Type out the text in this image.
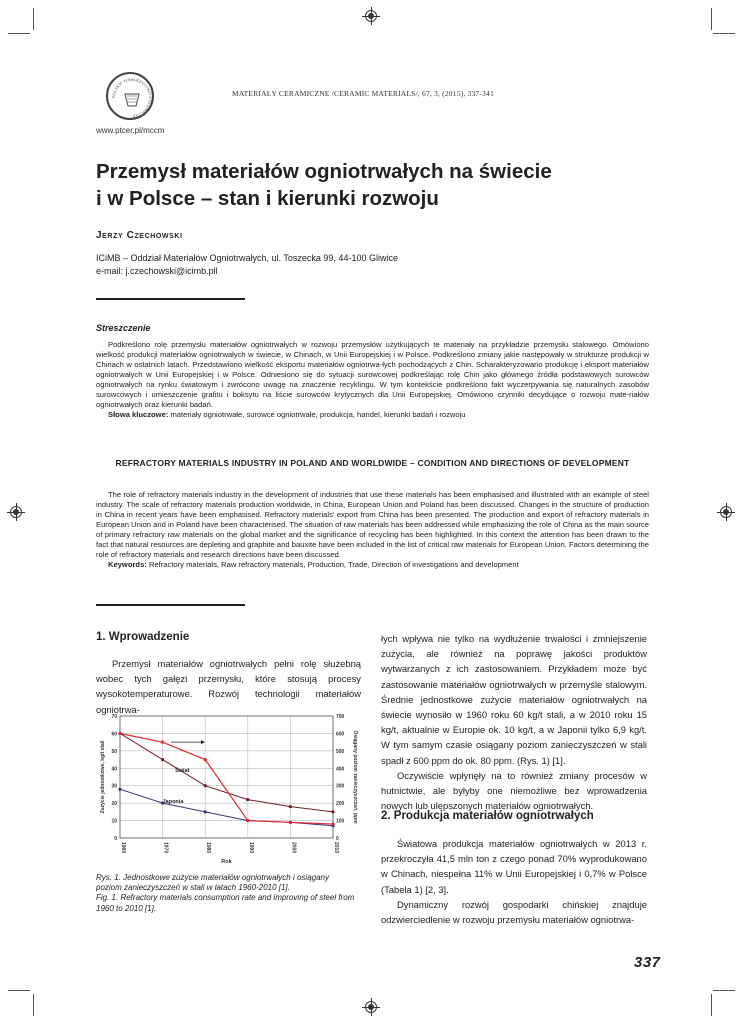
POLSKIE TOWARZYSTWO CERAMICZNE
www.ptcer.pl/mccm
MATERIAŁY CERAMICZNE /CERAMIC MATERIALS/, 67, 3, (2015), 337-341
Przemysł materiałów ogniotrwałych na świecie
i w Polsce – stan i kierunki rozwoju
Jerzy Czechowski
ICiMB – Oddział Materiałów Ogniotrwałych, ul. Toszecka 99, 44-100 Gliwice
e-mail: j.czechowski@icimb.pll
Streszczenie

Podkreślono rolę przemysłu materiałów ogniotrwałych w rozwoju przemysłów użytkujących te materiały na przykładzie przemysłu stalowego. Omówiono wielkość produkcji materiałów ogniotrwałych w świecie, w Chinach, w Unii Europejskiej i w Polsce. Podkreślono zmiany jakie następowały w strukturze produkcji w Chinach w ostatnich latach. Przedstawiono wielkość eksportu materiałów ogniotrwa-łych pochodzących z Chin. Scharakteryzowano produkcję i eksport materiałów ogniotrwałych w Unii Europejskiej i w Polsce. Odniesiono się do sytuacji surowcowej podkreślając rolę Chin jako głównego źródła podstawowych surowców ogniotrwałych na rynku światowym i zwrócono uwagę na znaczenie recyklingu. W tym kontekście podkreślono fakt wyczerpywania się naturalnych zasobów surowcowych i umieszczenie grafitu i boksytu na liście surowców krytycznych dla Unii Europejskiej. Omówiono czynniki decydujące o rozwoju mate-riałów ogniotrwałych oraz kierunki badań.

Słowa kluczowe: materiały ogniotrwałe, surowce ogniotrwałe, produkcja, handel, kierunki badań i rozwoju

REFRACTORY MATERIALS INDUSTRY IN POLAND AND WORLDWIDE – CONDITION AND DIRECTIONS OF DEVELOPMENT

The role of refractory materials industry in the development of industries that use these materials has been emphasised and illustrated with an example of steel industry. The scale of refractory materials production worldwide, in China, European Union and Poland has been discussed. Changes in the structure of production in China in recent years have been emphasised. Refractory materials’ export from China has been presented. The production and export of refractory materials in European Union and in Poland have been characterised. The situation of raw materials has been addressed while emphasizing the role of China as the main source of primary refractory raw materials on the global market and the significance of recycling has been highlighted. In this context the attention has been drawn to the fact that natural resources are depleting and graphite and bauxite have been included in the list of critical raw materials for European Union. Factors determining the role of refractory materials and research directions have been discussed.

Keywords: Refractory materials, Raw refractory materials, Production, Trade, Direction of investigations and development

1. Wprowadzenie

Przemysł materiałów ogniotrwałych pełni rolę służebną wobec tych gałęzi przemysłu, które stosują procesy wysokotemperaturowe. Rozwój technologii materiałów ogniotrwa-

0
10
20
30
40
50
60
70
0
100
200
300
400
500
600
700
1960	1970	1980	1990	2000	2010
Rok
Zużycie jednostkowe, kg/t stali	Osiągany poziom zanieczyszczeń, ppm
Świat
Japonia
Rys. 1. Jednostkowe zużycie materiałów ogniotrwałych i osiągany poziom zanieczyszczeń w stali w latach 1960-2010 [1].
Fig. 1. Refractory materials consumption rate and improving of steel from 1960 to 2010 [1].

łych wpływa nie tylko na wydłużenie trwałości i zmniejszenie zużycia, ale również na poprawę jakości produktów wytwarzanych z ich zastosowaniem. Przykładem może być zastosowanie materiałów ogniotrwałych w przemyśle stalowym. Średnie jednostkowe zużycie materiałów ogniotrwałych na świecie wynosiło w 1960 roku 60 kg/t stali, a w 2010 roku 15 kg/t, aktualnie w Europie ok. 10 kg/t, a w Japonii tylko 6,9 kg/t. W tym samym czasie osiągany poziom zanieczyszczeń w stali spadł z 600 ppm do ok. 80 ppm. (Rys. 1) [1].

Oczywiście wpłynęły na to również zmiany procesów w hutnictwie, ale byłyby one niemożliwe bez wprowadzenia nowych lub ulepszonych materiałów ogniotrwałych.

2. Produkcja materiałów ogniotrwałych

Światowa produkcja materiałów ogniotrwałych w 2013 r. przekroczyła 41,5 mln ton z czego ponad 70% wyprodukowano w Chinach, niespełna 11% w Unii Europejskiej i 0,7% w Polsce (Tabela 1) [2, 3].

Dynamiczny rozwój gospodarki chińskiej znajduje odzwierciedlenie w rozwoju przemysłu materiałów ogniotrwa-

337
